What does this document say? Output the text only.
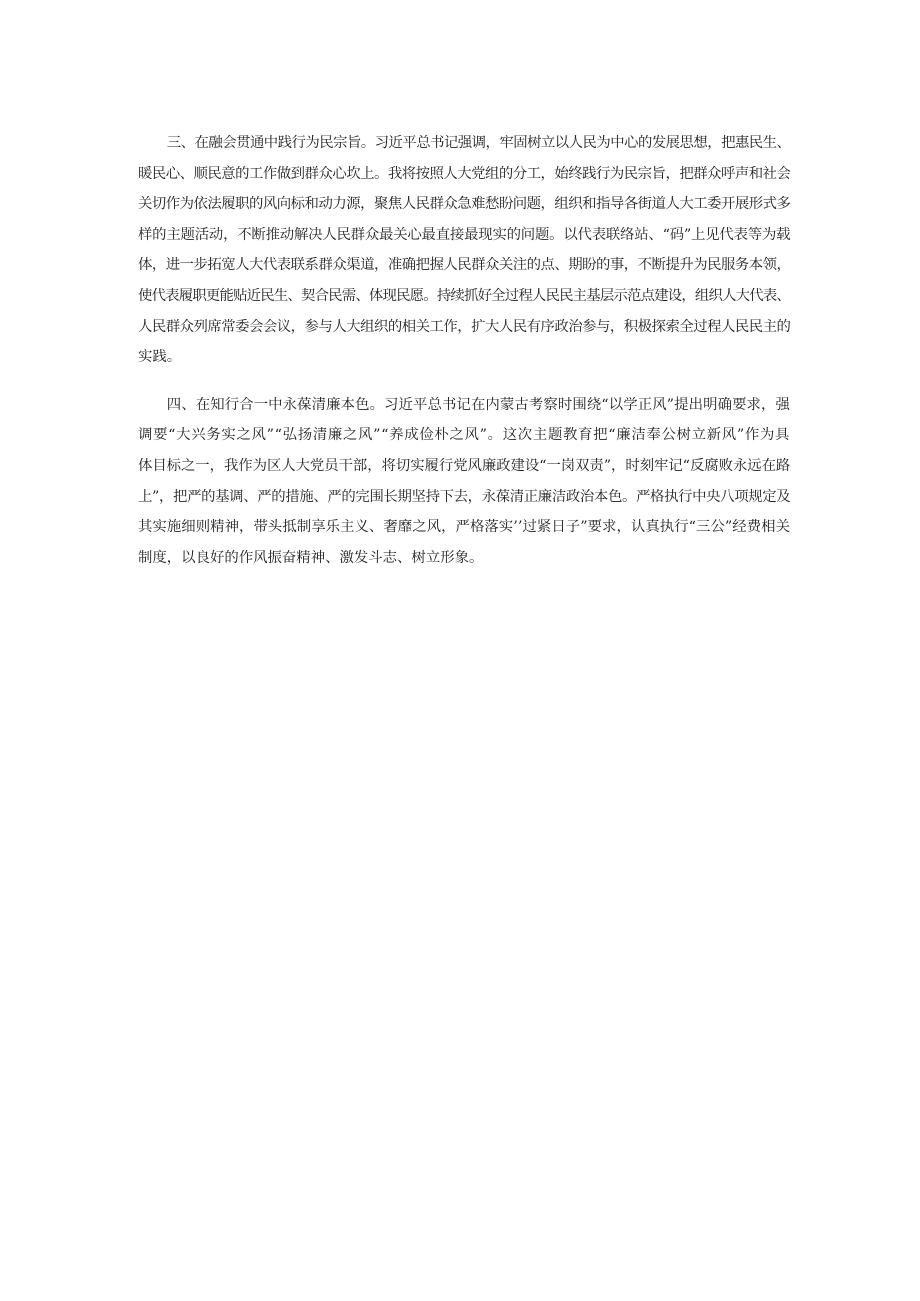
三、在融会贯通中践行为民宗旨。习近平总书记强调，牢固树立以人民为中心的发展思想，把惠民生、
暖民心、顺民意的工作做到群众心坎上。我将按照人大党组的分工，始终践行为民宗旨，把群众呼声和社会
关切作为依法履职的风向标和动力源，聚焦人民群众急难愁盼问题，组织和指导各街道人大工委开展形式多
样的主题活动，不断推动解决人民群众最关心最直接最现实的问题。以代表联络站、“码”上见代表等为载
体，进一步拓宽人大代表联系群众渠道，准确把握人民群众关注的点、期盼的事，不断提升为民服务本领，
使代表履职更能贴近民生、契合民需、体现民愿。持续抓好全过程人民民主基层示范点建设，组织人大代表、
人民群众列席常委会会议，参与人大组织的相关工作，扩大人民有序政治参与，积极探索全过程人民民主的
实践。
四、在知行合一中永葆清廉本色。习近平总书记在内蒙古考察时围绕“以学正风”提出明确要求，强
调要“大兴务实之风”“弘扬清廉之风”“养成俭朴之风”。这次主题教育把“廉洁奉公树立新风”作为具
体目标之一，我作为区人大党员干部，将切实履行党风廉政建设“一岗双责”，时刻牢记“反腐败永远在路
上”，把严的基调、严的措施、严的完围长期坚持下去，永葆清正廉洁政治本色。严格执行中央八项规定及
其实施细则精神，带头抵制享乐主义、奢靡之风，严格落实’’过紧日子”要求，认真执行“三公”经费相关
制度，以良好的作风振奋精神、激发斗志、树立形象。
